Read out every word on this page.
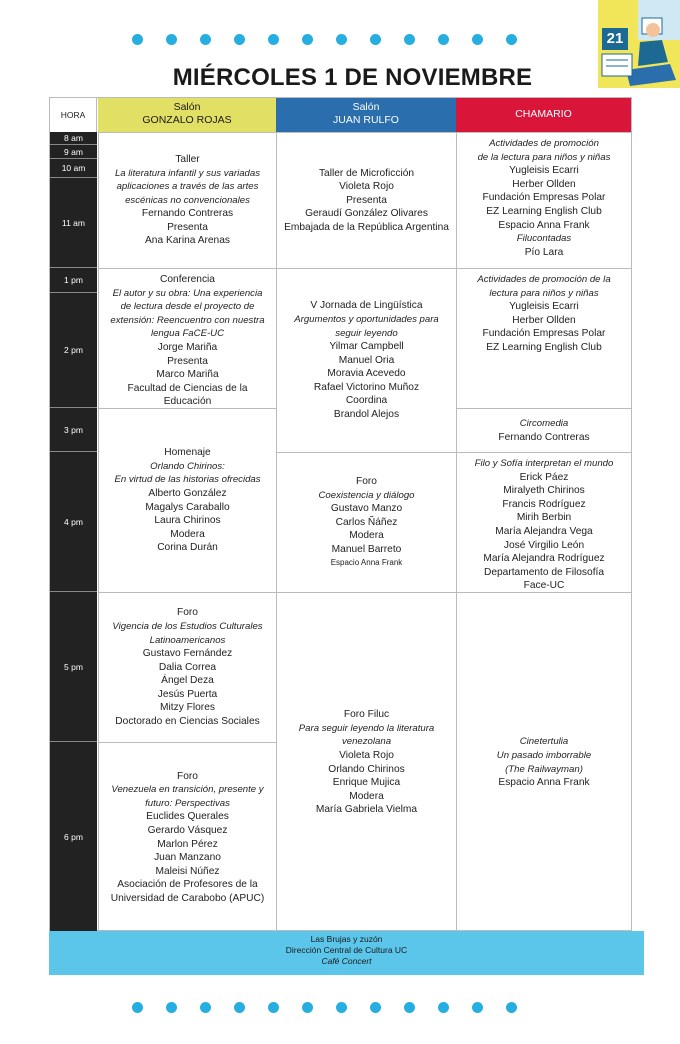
21
MIÉRCOLES 1 DE NOVIEMBRE
HORA
8 am
9 am
10 am
11 am
1 pm
2 pm
3 pm
4 pm
5 pm
6 pm
Salón
GONZALO ROJAS
Salón
JUAN RULFO	CHAMARIO
Taller
La literatura infantil y sus variadas
aplicaciones a través de las artes
escénicas no convencionales
Fernando Contreras
Presenta
Ana Karina Arenas
Conferencia
El autor y su obra: Una experiencia
de lectura desde el proyecto de
extensión: Reencuentro con nuestra
lengua FaCE-UC
Jorge Mariña
Presenta
Marco Mariña
Facultad de Ciencias de la
Educación
Homenaje
Orlando Chirinos:
En virtud de las historias ofrecidas
Alberto González
Magalys Caraballo
Laura Chirinos
Modera
Corina Durán
Foro
Vigencia de los Estudios Culturales
Latinoamericanos
Gustavo Fernández
Dalia Correa
Ángel Deza
Jesús Puerta
Mitzy Flores
Doctorado en Ciencias Sociales
Foro
Venezuela en transición, presente y
futuro: Perspectivas
Euclides Querales
Gerardo Vásquez
Marlon Pérez
Juan Manzano
Maleisi Núñez
Asociación de Profesores de la
Universidad de Carabobo (APUC)
Taller de Microficción
Violeta Rojo
Presenta
Geraudí González Olivares
Embajada de la República Argentina
V Jornada de Lingüística
Argumentos y oportunidades para
seguir leyendo
Yilmar Campbell
Manuel Oria
Moravia Acevedo
Rafael Victorino Muñoz
Coordina
Brandol Alejos
Foro
Coexistencia y diálogo
Gustavo Manzo
Carlos Ñáñez
Modera
Manuel Barreto
Espacio Anna Frank
Foro Filuc
Para seguir leyendo la literatura
venezolana
Violeta Rojo
Orlando Chirinos
Enrique Mujica
Modera
María Gabriela Vielma
Actividades de promoción
de la lectura para niños y niñas
Yugleisis Ecarri
Herber Ollden
Fundación Empresas Polar
EZ Learning English Club
Espacio Anna Frank
Filucontadas
Pío Lara
Actividades de promoción de la
lectura para niños y niñas
Yugleisis Ecarri
Herber Ollden
Fundación Empresas Polar
EZ Learning English Club
Circomedia
Fernando Contreras
Filo y Sofía interpretan el mundo
Erick Páez
Miralyeth Chirinos
Francis Rodríguez
Mirih Berbin
María Alejandra Vega
José Virgilio León
María Alejandra Rodríguez
Departamento de Filosofía
Face-UC
Cinetertulia
Un pasado imborrable
(The Railwayman)
Espacio Anna Frank
Las Brujas y zuzón
Dirección Central de Cultura UC
Café Concert
